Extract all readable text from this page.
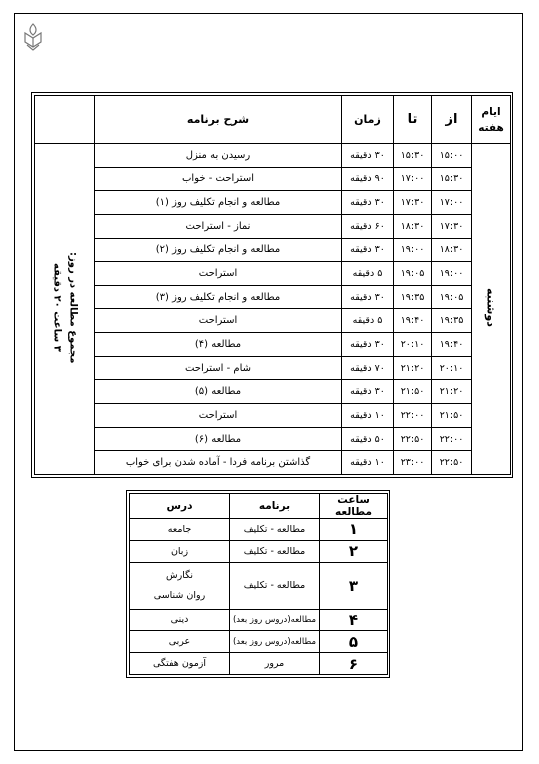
ایام
هفته	از	تا	زمان	شرح برنامه	
دوشنبه	۱۵:۰۰	۱۵:۳۰	۳۰ دقیقه	رسیدن به منزل	مجموع مطالعه در روز:
۳ ساعت ۲۰ دقیقه
	۱۵:۳۰	۱۷:۰۰	۹۰ دقیقه	استراحت - خواب	
	۱۷:۰۰	۱۷:۳۰	۳۰ دقیقه	مطالعه و انجام تکلیف روز (۱)	
	۱۷:۳۰	۱۸:۳۰	۶۰ دقیقه	نماز - استراحت	
	۱۸:۳۰	۱۹:۰۰	۳۰ دقیقه	مطالعه و انجام تکلیف روز (۲)	
	۱۹:۰۰	۱۹:۰۵	۵ دقیقه	استراحت	
	۱۹:۰۵	۱۹:۳۵	۳۰ دقیقه	مطالعه و انجام تکلیف روز (۳)	
	۱۹:۳۵	۱۹:۴۰	۵ دقیقه	استراحت	
	۱۹:۴۰	۲۰:۱۰	۳۰ دقیقه	مطالعه (۴)	
	۲۰:۱۰	۲۱:۲۰	۷۰ دقیقه	شام - استراحت	
	۲۱:۲۰	۲۱:۵۰	۳۰ دقیقه	مطالعه (۵)	
	۲۱:۵۰	۲۲:۰۰	۱۰ دقیقه	استراحت	
	۲۲:۰۰	۲۲:۵۰	۵۰ دقیقه	مطالعه (۶)	
	۲۲:۵۰	۲۳:۰۰	۱۰ دقیقه	گذاشتن برنامه فردا - آماده شدن برای خواب	
ساعت مطالعه	برنامه	درس
۱	مطالعه - تکلیف	جامعه
۲	مطالعه - تکلیف	زبان
۳	مطالعه - تکلیف	نگارش
روان شناسی

۴	مطالعه(دروس روز بعد)	دینی
۵	مطالعه(دروس روز بعد)	عربی
۶	مرور	آزمون هفتگی
